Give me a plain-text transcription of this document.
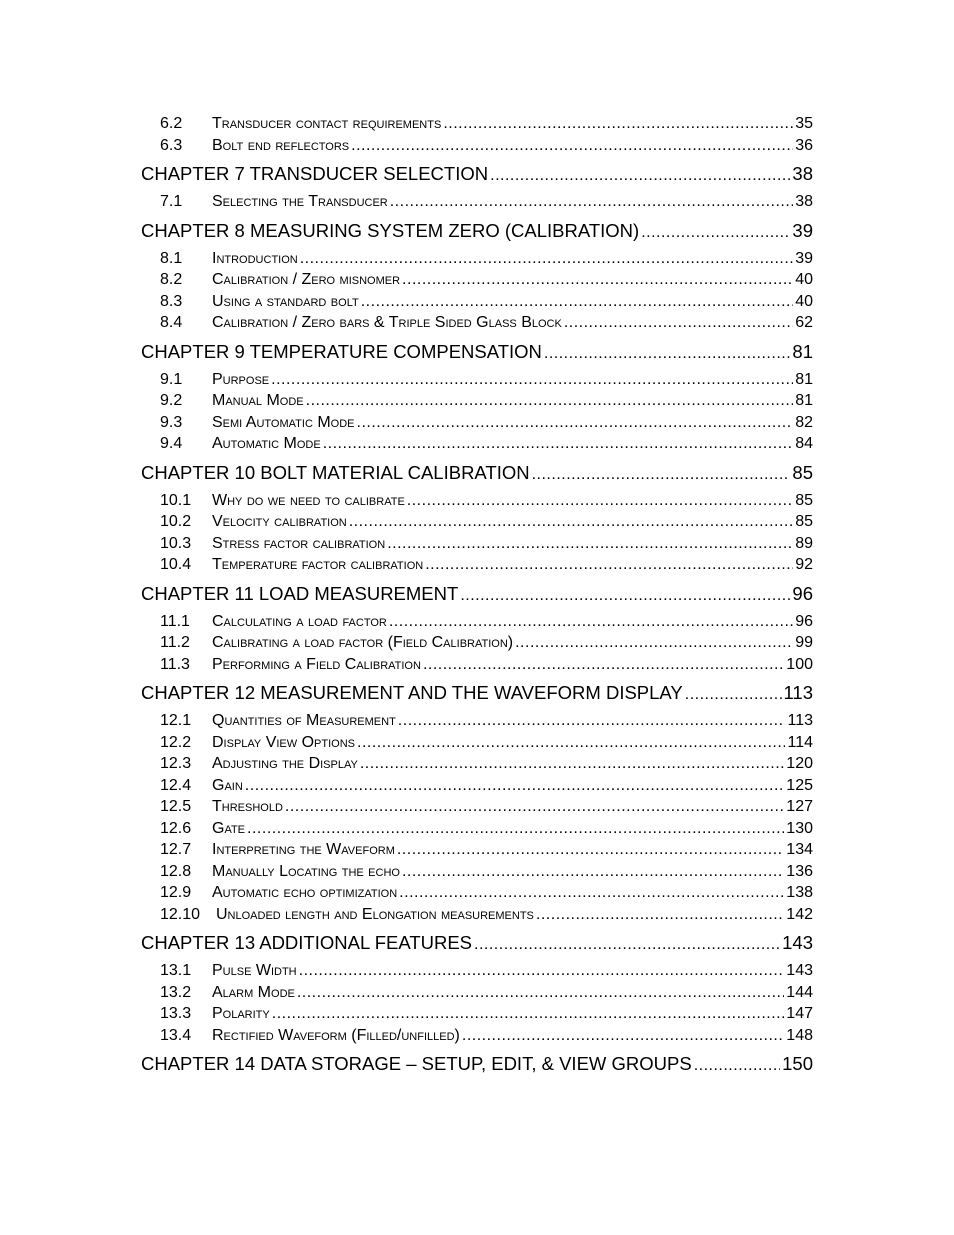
6.2	Transducer contact requirements .....	35
6.3	Bolt end reflectors .....	36
CHAPTER 7 TRANSDUCER SELECTION .....	38
7.1	Selecting the Transducer .....	38
CHAPTER 8 MEASURING SYSTEM ZERO (CALIBRATION) .....	39
8.1	Introduction .....	39
8.2	Calibration / Zero misnomer .....	40
8.3	Using a standard bolt .....	40
8.4	Calibration / Zero bars & Triple Sided Glass Block .....	62
CHAPTER 9 TEMPERATURE COMPENSATION .....	81
9.1	Purpose .....	81
9.2	Manual Mode .....	81
9.3	Semi Automatic Mode .....	82
9.4	Automatic Mode .....	84
CHAPTER 10 BOLT MATERIAL CALIBRATION .....	85
10.1	Why do we need to calibrate .....	85
10.2	Velocity calibration .....	85
10.3	Stress factor calibration .....	89
10.4	Temperature factor calibration .....	92
CHAPTER 11 LOAD MEASUREMENT .....	96
11.1	Calculating a load factor .....	96
11.2	Calibrating a load factor (Field Calibration) .....	99
11.3	Performing a Field Calibration .....	100
CHAPTER 12 MEASUREMENT AND THE WAVEFORM DISPLAY .....	113
12.1	Quantities of Measurement .....	113
12.2	Display View Options .....	114
12.3	Adjusting the Display .....	120
12.4	Gain .....	125
12.5	Threshold .....	127
12.6	Gate .....	130
12.7	Interpreting the Waveform .....	134
12.8	Manually Locating the echo .....	136
12.9	Automatic echo optimization .....	138
12.10 Unloaded length and Elongation measurements .....	142
CHAPTER 13 ADDITIONAL FEATURES .....	143
13.1	Pulse Width .....	143
13.2	Alarm Mode .....	144
13.3	Polarity .....	147
13.4	Rectified Waveform (Filled/unfilled) .....	148
CHAPTER 14 DATA STORAGE – SETUP, EDIT, & VIEW GROUPS .....	150
